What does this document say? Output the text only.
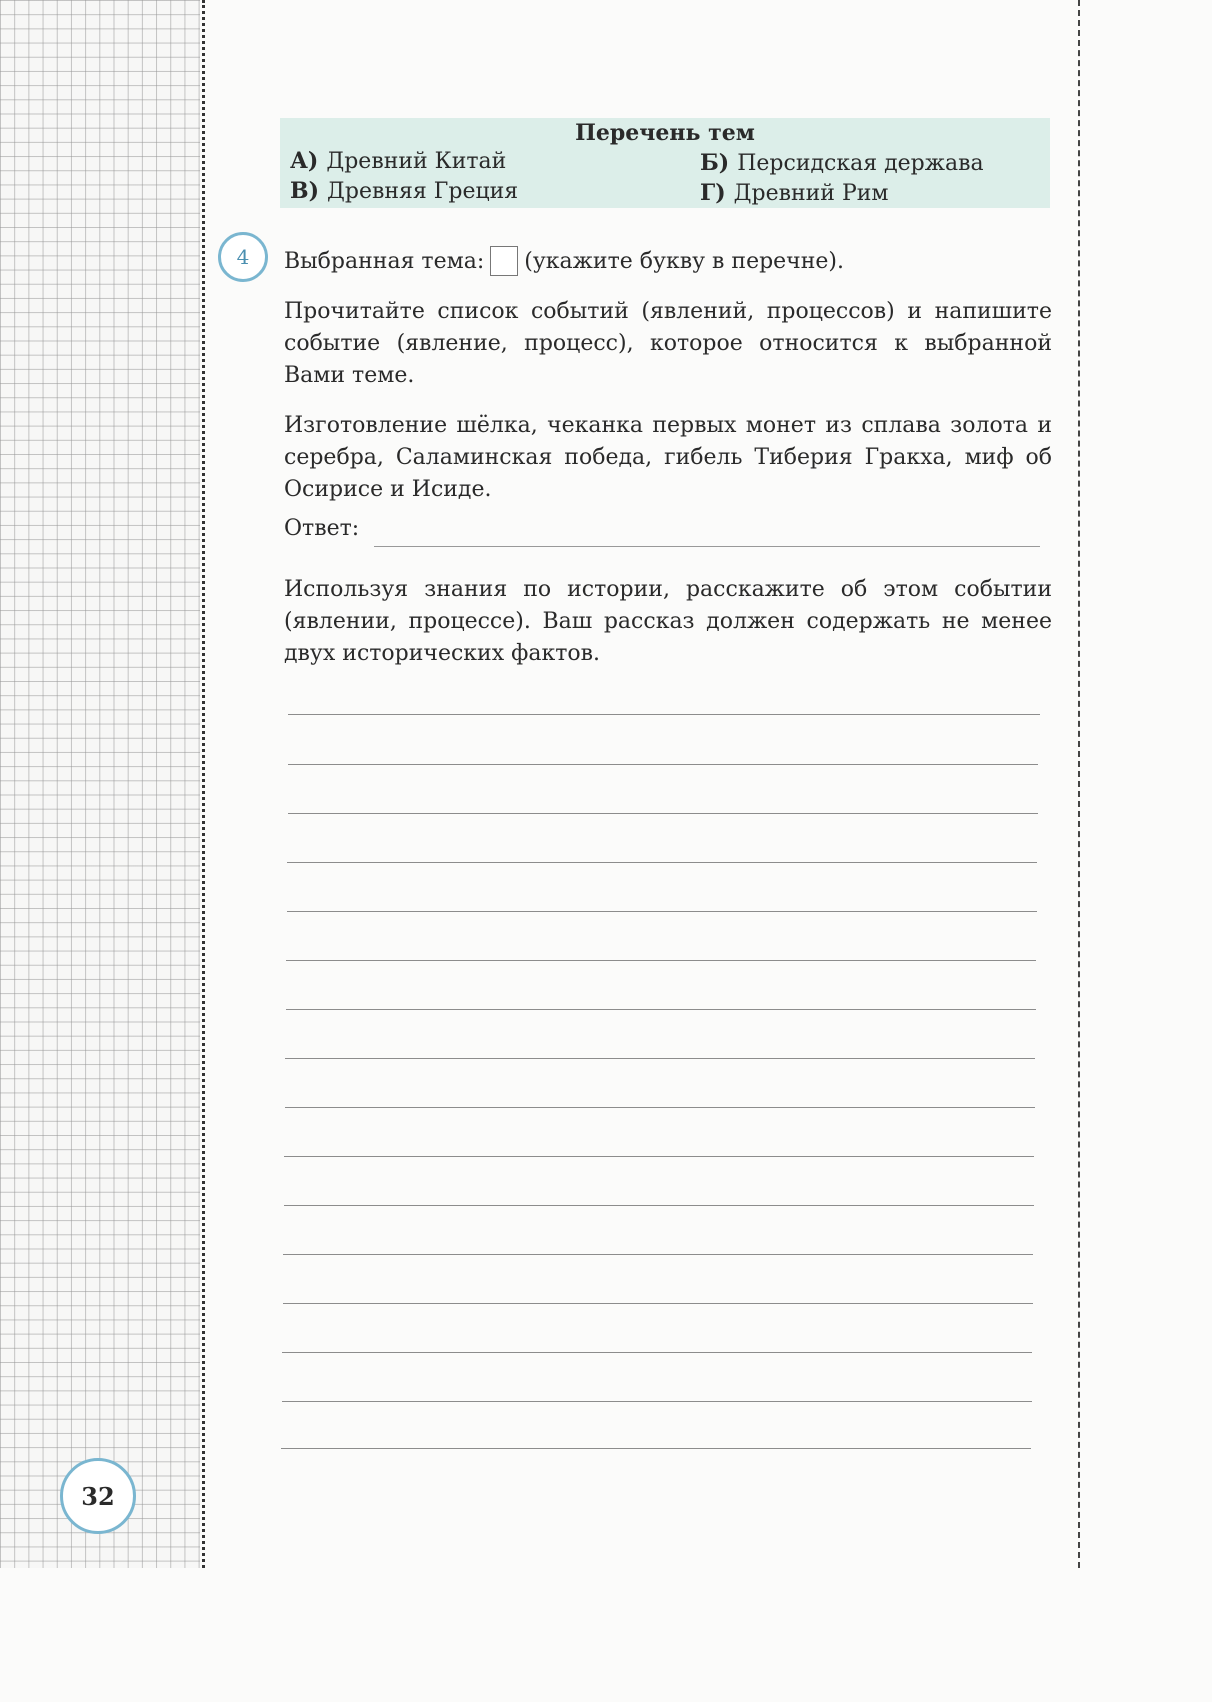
32
Перечень тем
А) Древний Китай	Б) Персидская держава
В) Древняя Греция	Г) Древний Рим
4	Выбранная тема: (укажите букву в перечне).

Прочитайте список событий (явлений, процессов) и напишите событие (явление, процесс), которое относится к выбранной Вами теме.

Изготовление шёлка, чеканка первых монет из сплава золота и серебра, Саламинская победа, гибель Тиберия Гракха, миф об Осирисе и Исиде.

Ответ:

Используя знания по истории, расскажите об этом событии (явлении, процессе). Ваш рассказ должен содержать не менее двух исторических фактов.
